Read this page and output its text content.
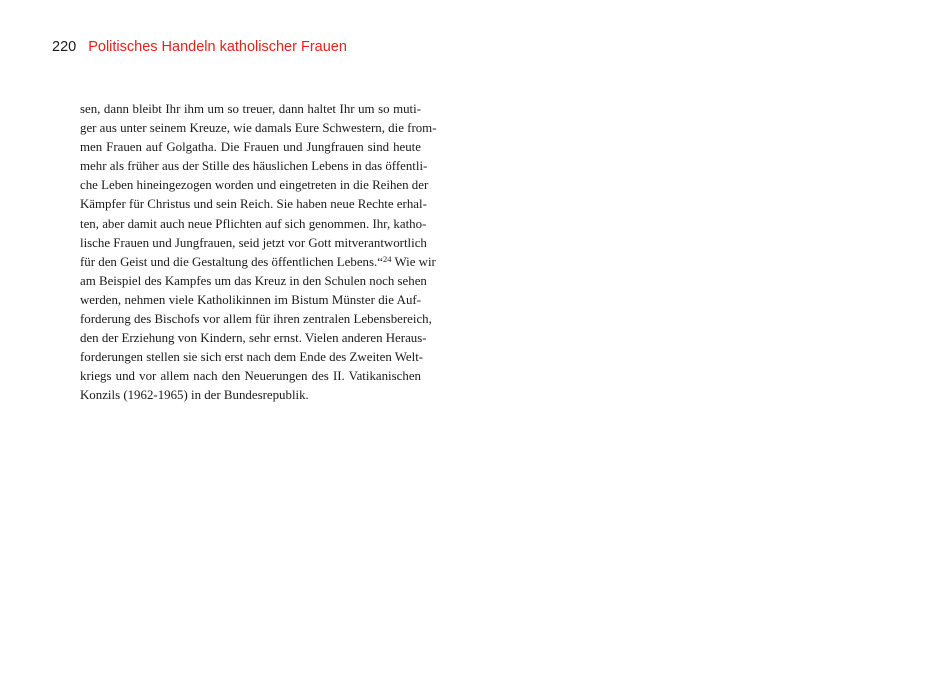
220 Politisches Handeln katholischer Frauen
sen, dann bleibt Ihr ihm um so treuer, dann haltet Ihr um so muti-
ger aus unter seinem Kreuze, wie damals Eure Schwestern, die from-
men Frauen auf Golgatha. Die Frauen und Jungfrauen sind heute
mehr als früher aus der Stille des häuslichen Lebens in das öffentli-
che Leben hineingezogen worden und eingetreten in die Reihen der
Kämpfer für Christus und sein Reich. Sie haben neue Rechte erhal-
ten, aber damit auch neue Pflichten auf sich genommen. Ihr, katho-
lische Frauen und Jungfrauen, seid jetzt vor Gott mitverantwortlich
für den Geist und die Gestaltung des öffentlichen Lebens.“$^{24}$ Wie wir
am Beispiel des Kampfes um das Kreuz in den Schulen noch sehen
werden, nehmen viele Katholikinnen im Bistum Münster die Auf-
forderung des Bischofs vor allem für ihren zentralen Lebensbereich,
den der Erziehung von Kindern, sehr ernst. Vielen anderen Heraus-
forderungen stellen sie sich erst nach dem Ende des Zweiten Welt-
kriegs und vor allem nach den Neuerungen des II. Vatikanischen
Konzils (1962-1965) in der Bundesrepublik.
